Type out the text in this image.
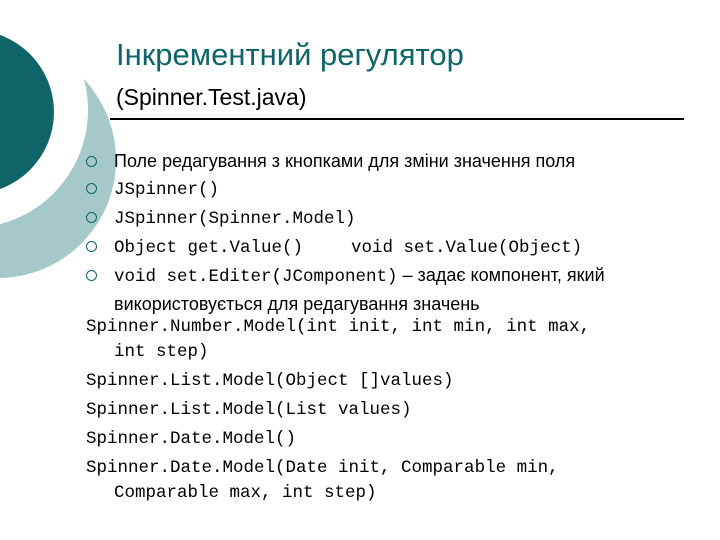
Інкрементний регулятор
(Spinner.Test.java)
Поле редагування з кнопками для зміни значення поля
JSpinner()
JSpinner(Spinner.Model)
Object get.Value()	void set.Value(Object)
void set.Editer(JComponent) – задає компонент, який використовується для редагування значень
Spinner.Number.Model(int init, int min, int max,
int step)
Spinner.List.Model(Object []values)
Spinner.List.Model(List values)
Spinner.Date.Model()
Spinner.Date.Model(Date init, Comparable min,
Comparable max, int step)
